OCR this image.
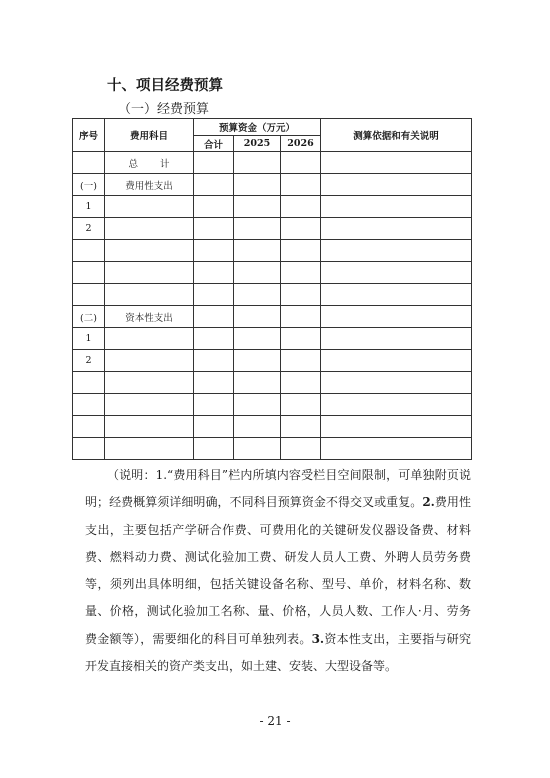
十、项目经费预算
（一）经费预算
序号	费用科目	预算资金（万元）			测算依据和有关说明
		合计	2025	2026	
	总 计				
(一)	费用性支出				
1					
2					

(二)	资本性支出				
1					
2					

（说明：1.“费用科目”栏内所填内容受栏目空间限制，可单独附页说明；经费概算须详细明确，不同科目预算资金不得交叉或重复。2.费用性支出，主要包括产学研合作费、可费用化的关键研发仪器设备费、材料费、燃料动力费、测试化验加工费、研发人员人工费、外聘人员劳务费等，须列出具体明细，包括关键设备名称、型号、单价，材料名称、数量、价格，测试化验加工名称、量、价格，人员人数、工作人·月、劳务费金额等），需要细化的科目可单独列表。3.资本性支出，主要指与研究开发直接相关的资产类支出，如土建、安装、大型设备等。
- 21 -
